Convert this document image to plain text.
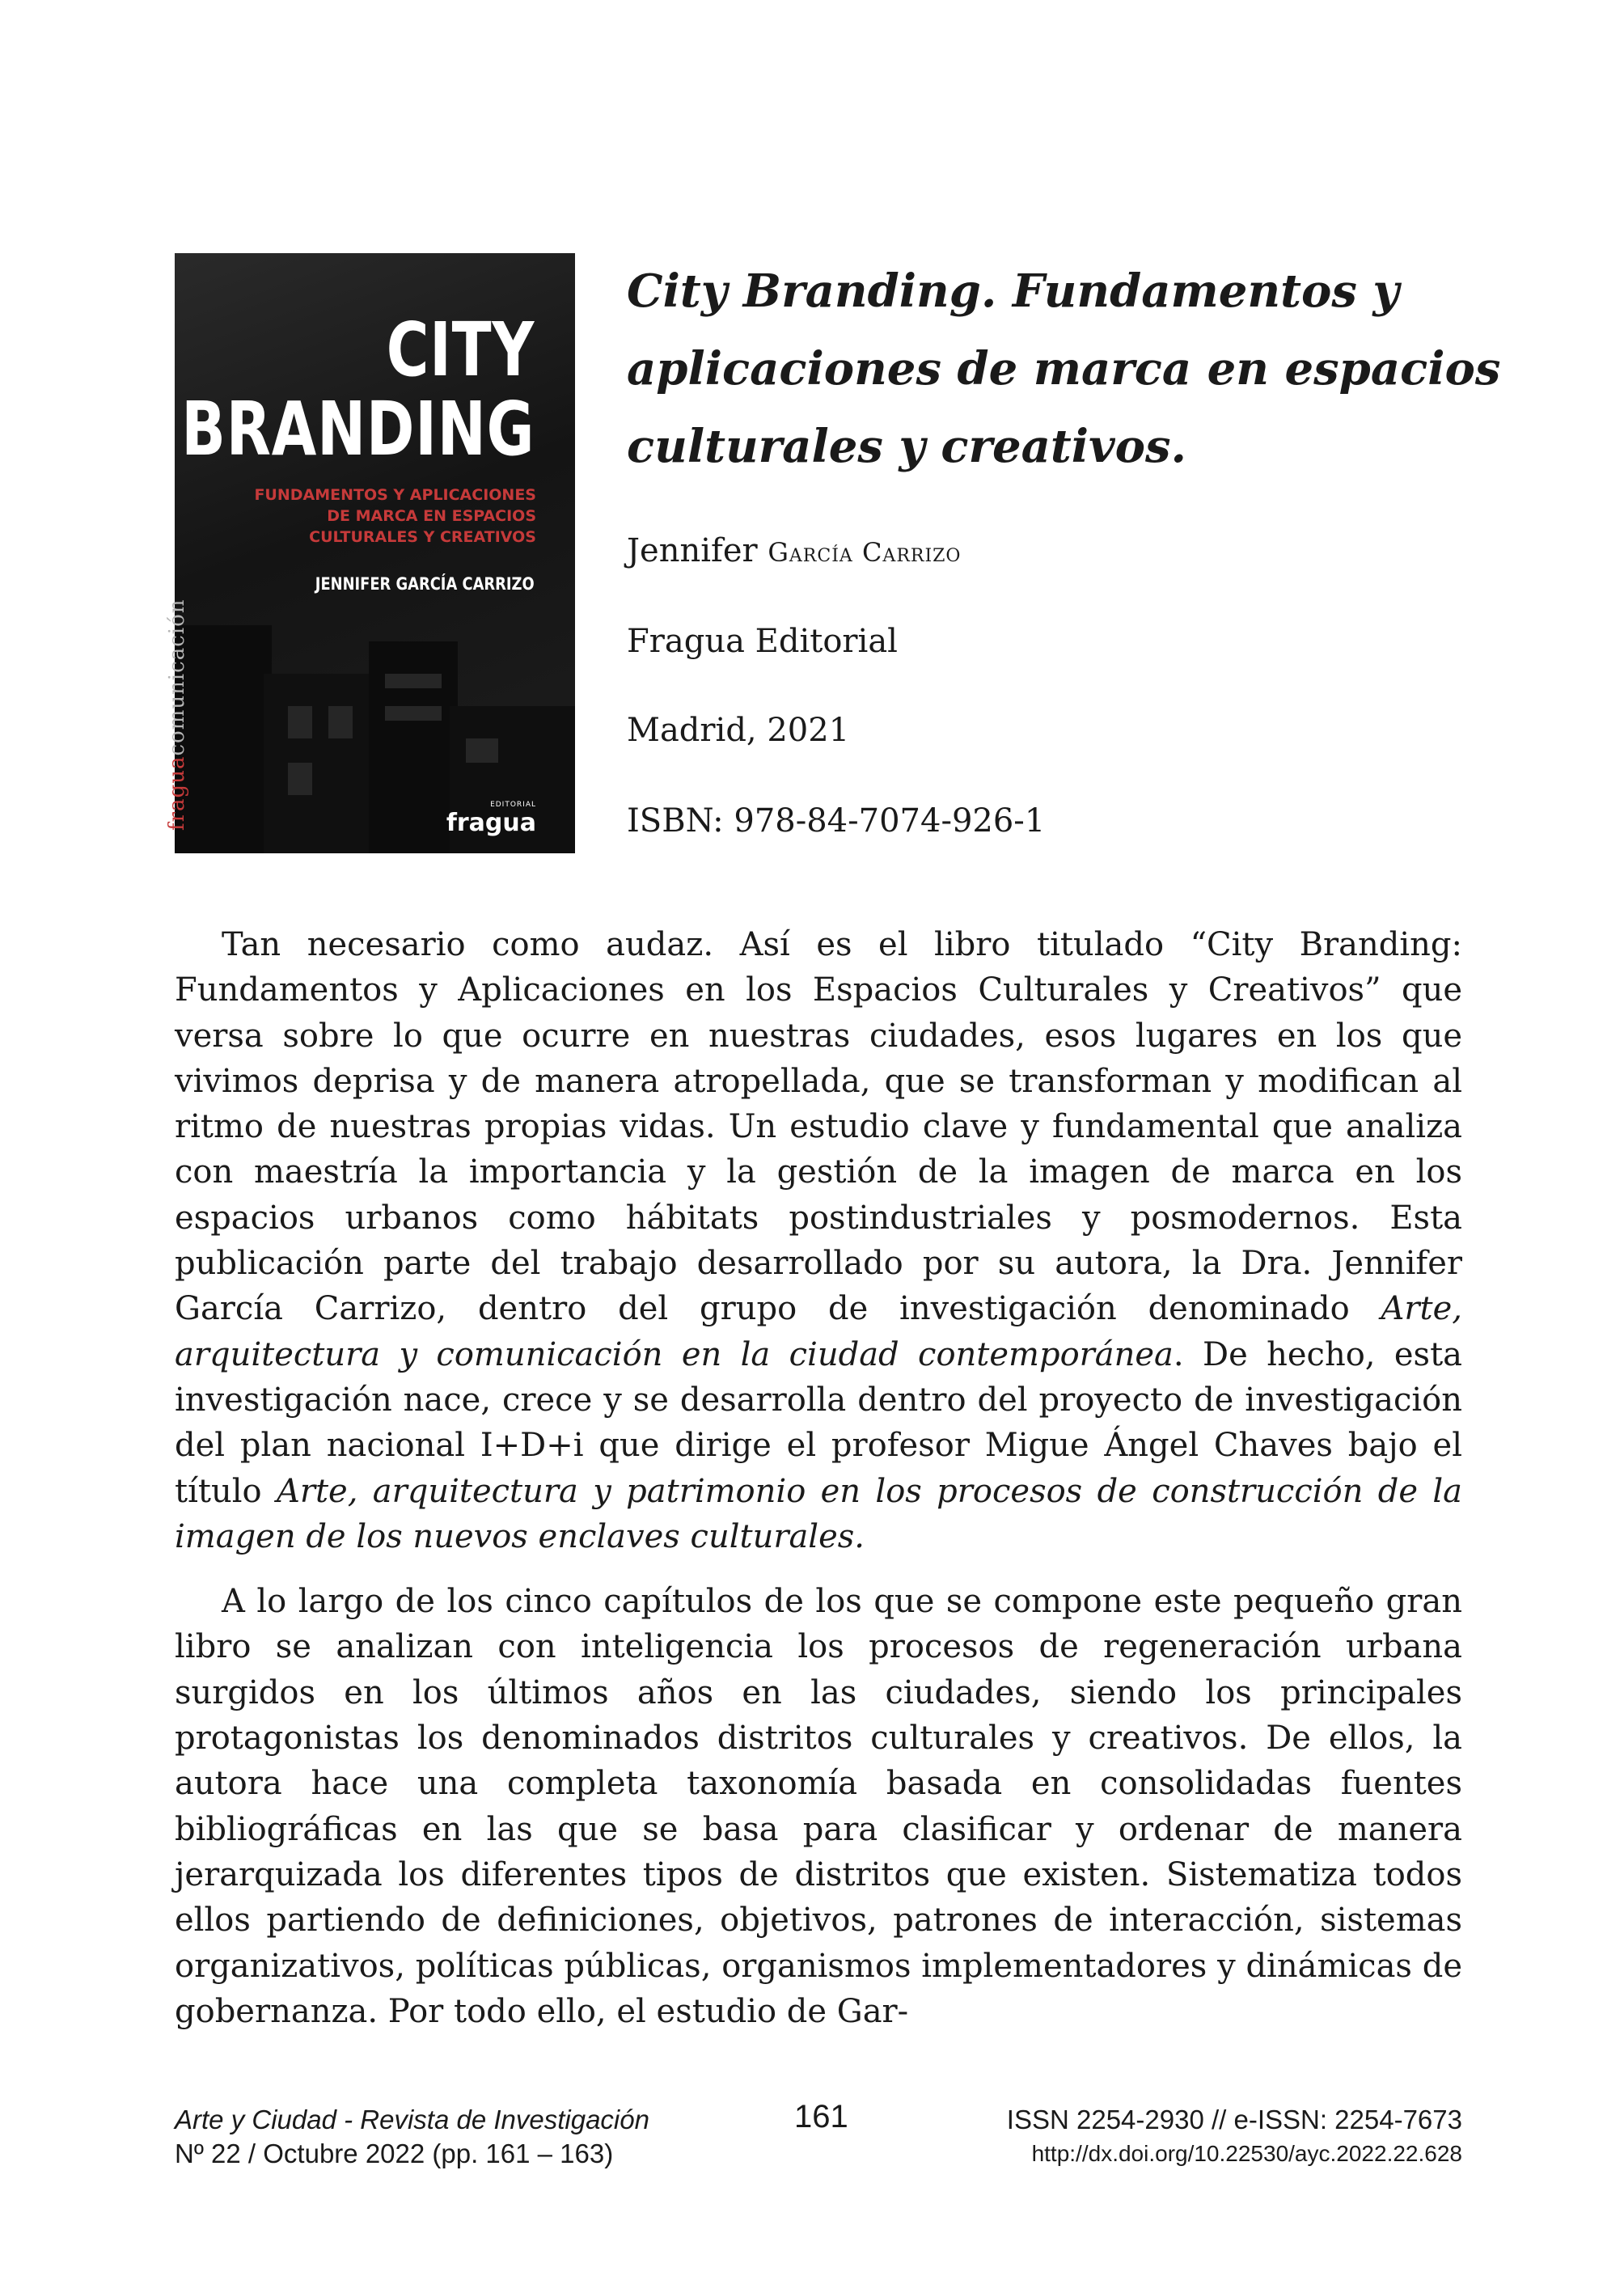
CITY
BRANDING
FUNDAMENTOS Y APLICACIONES DE MARCA EN ESPACIOS CULTURALES Y CREATIVOS
JENNIFER GARCÍA CARRIZO
fraguacomunicación
EDITORIAL
fragua
City Branding. Fundamentos y aplicaciones de marca en espacios culturales y creativos.
Jennifer García Carrizo
Fragua Editorial
Madrid, 2021
ISBN: 978-84-7074-926-1

Tan necesario como audaz. Así es el libro titulado “City Branding: Fundamentos y Aplicaciones en los Espacios Culturales y Creativos” que versa sobre lo que ocurre en nuestras ciudades, esos lugares en los que vivimos deprisa y de manera atropellada, que se transforman y modifican al ritmo de nuestras propias vidas. Un estudio clave y fundamental que analiza con maestría la importancia y la gestión de la imagen de marca en los espacios urbanos como hábitats postindustriales y posmodernos. Esta publicación parte del trabajo desarrollado por su autora, la Dra. Jennifer García Carrizo, dentro del grupo de investigación denominado Arte, arquitectura y comunicación en la ciudad contemporánea. De hecho, esta investigación nace, crece y se desarrolla dentro del proyecto de investigación del plan nacional I+D+i que dirige el profesor Migue Ángel Chaves bajo el título Arte, arquitectura y patrimonio en los procesos de construcción de la imagen de los nuevos enclaves culturales.

A lo largo de los cinco capítulos de los que se compone este pequeño gran libro se analizan con inteligencia los procesos de regeneración urbana surgidos en los últimos años en las ciudades, siendo los principales protagonistas los denominados distritos culturales y creativos. De ellos, la autora hace una completa taxonomía basada en consolidadas fuentes bibliográficas en las que se basa para clasificar y ordenar de manera jerarquizada los diferentes tipos de distritos que existen. Sistematiza todos ellos partiendo de definiciones, objetivos, patrones de interacción, sistemas organizativos, políticas públicas, organismos implementadores y dinámicas de gobernanza. Por todo ello, el estudio de Gar-

Arte y Ciudad - Revista de Investigación
Nº 22 / Octubre 2022 (pp. 161 – 163)
161	ISSN 2254-2930 // e-ISSN: 2254-7673
http://dx.doi.org/10.22530/ayc.2022.22.628
